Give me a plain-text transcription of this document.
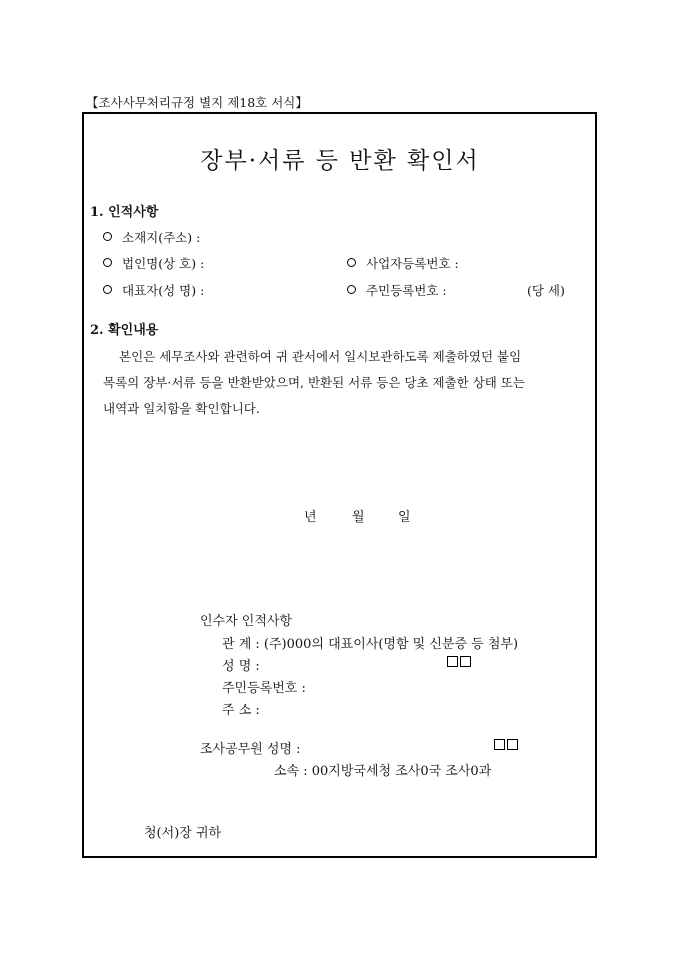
【조사사무처리규정 별지 제18호 서식】
장부·서류 등 반환 확인서
1. 인적사항
소재지(주소) :
법인명(상 호) :	사업자등록번호 :
대표자(성 명) :	주민등록번호 :	(당 세)
2. 확인내용
본인은 세무조사와 관련하여 귀 관서에서 일시보관하도록 제출하였던 붙임
목록의 장부·서류 등을 반환받았으며, 반환된 서류 등은 당초 제출한 상태 또는
내역과 일치함을 확인합니다.
년	월	일
인수자 인적사항
관 계 : (주)000의 대표이사(명함 및 신분증 등 첨부)
성 명 :
주민등록번호 :
주 소 :
조사공무원 성명 :
소속 : 00지방국세청 조사0국 조사0과
청(서)장 귀하
